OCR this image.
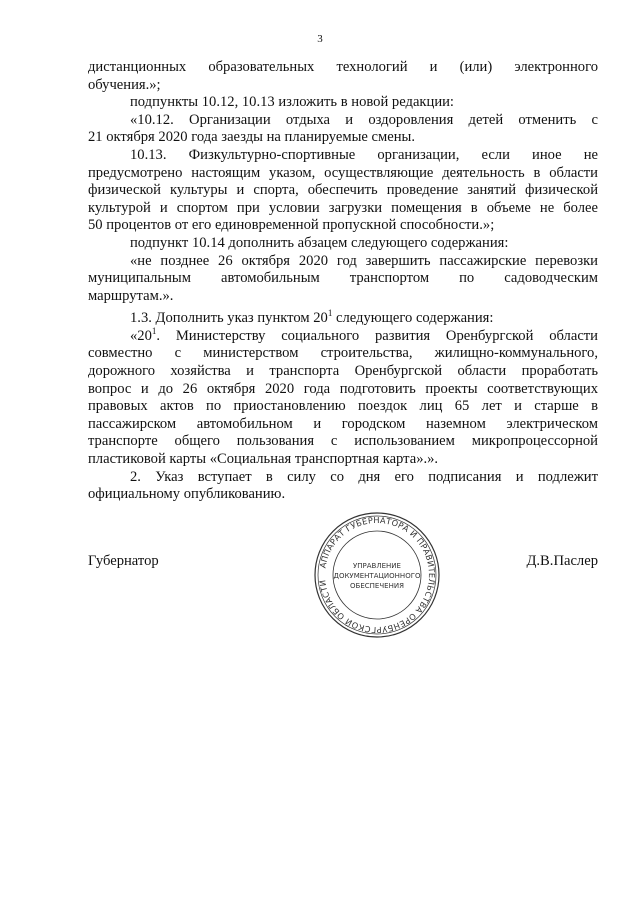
3

дистанционных образовательных технологий и (или) электронного
обучения.»;

подпункты 10.12, 10.13 изложить в новой редакции:

«10.12. Организации отдыха и оздоровления детей отменить с
21 октября 2020 года заезды на планируемые смены.

10.13. Физкультурно-спортивные организации, если иное не
предусмотрено настоящим указом, осуществляющие деятельность в области
физической культуры и спорта, обеспечить проведение занятий физической
культурой и спортом при условии загрузки помещения в объеме не более
50 процентов от его единовременной пропускной способности.»;

подпункт 10.14 дополнить абзацем следующего содержания:

«не позднее 26 октября 2020 год завершить пассажирские перевозки
муниципальным автомобильным транспортом по садоводческим
маршрутам.».

1.3. Дополнить указ пунктом $20^1$ следующего содержания:

«$20^1$. Министерству социального развития Оренбургской области
совместно с министерством строительства, жилищно-коммунального,
дорожного хозяйства и транспорта Оренбургской области проработать
вопрос и до 26 октября 2020 года подготовить проекты соответствующих
правовых актов по приостановлению поездок лиц 65 лет и старше в
пассажирском автомобильном и городском наземном электрическом
транспорте общего пользования с использованием микропроцессорной
пластиковой карты «Социальная транспортная карта».».

2. Указ вступает в силу со дня его подписания и подлежит
официальному опубликованию.

Губернатор	Д.В.Паслер
АППАРАТ ГУБЕРНАТОРА И ПРАВИТЕЛЬСТВА ОРЕНБУРГСКОЙ ОБЛАСТИ
УПРАВЛЕНИЕ
ДОКУМЕНТАЦИОННОГО
ОБЕСПЕЧЕНИЯ
